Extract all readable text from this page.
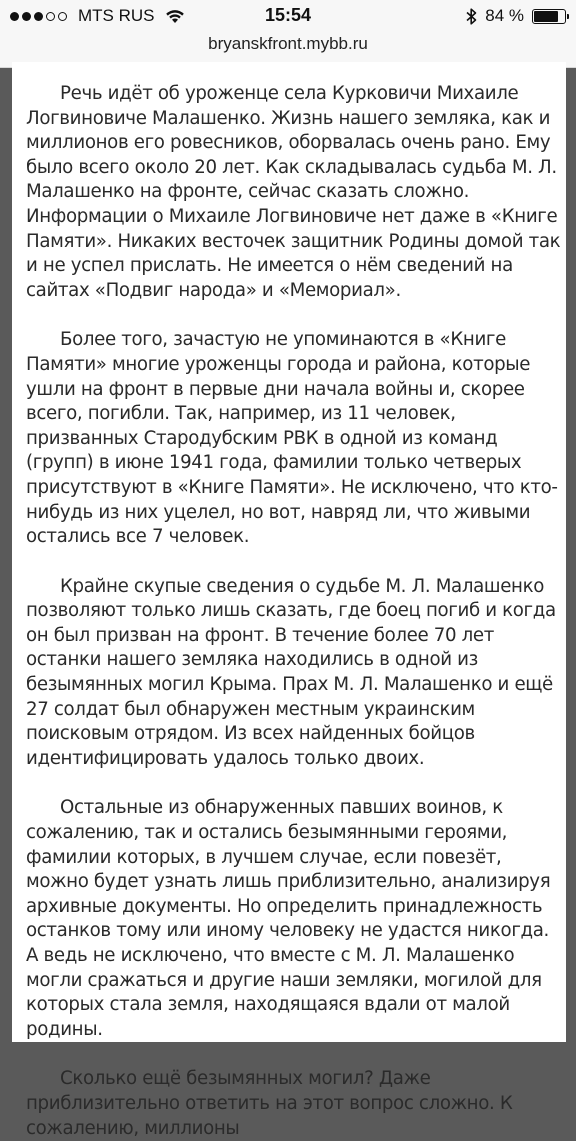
MTS RUS	15:54	84 %
bryanskfront.mybb.ru

Речь идёт об уроженце села Курковичи Михаиле Логвиновиче Малашенко. Жизнь нашего земляка, как и миллионов его ровесников, оборвалась очень рано. Ему было всего около 20 лет. Как складывалась судьба М. Л. Малашенко на фронте, сейчас сказать сложно. Информации о Михаиле Логвиновиче нет даже в «Книге Памяти». Никаких весточек защитник Родины домой так и не успел прислать. Не имеется о нём сведений на сайтах «Подвиг народа» и «Мемориал».

Более того, зачастую не упоминаются в «Книге Памяти» многие уроженцы города и района, которые ушли на фронт в первые дни начала войны и, скорее всего, погибли. Так, например, из 11 человек, призванных Стародубским РВК в одной из команд (групп) в июне 1941 года, фамилии только четверых присутствуют в «Книге Памяти». Не исключено, что кто-нибудь из них уцелел, но вот, навряд ли, что живыми остались все 7 человек.

Крайне скупые сведения о судьбе М. Л. Малашенко позволяют только лишь сказать, где боец погиб и когда он был призван на фронт. В течение более 70 лет останки нашего земляка находились в одной из безымянных могил Крыма. Прах М. Л. Малашенко и ещё 27 солдат был обнаружен местным украинским поисковым отрядом. Из всех найденных бойцов идентифицировать удалось только двоих.

Остальные из обнаруженных павших воинов, к сожалению, так и остались безымянными героями, фамилии которых, в лучшем случае, если повезёт, можно будет узнать лишь приблизительно, анализируя архивные документы. Но определить принадлежность останков тому или иному человеку не удастся никогда. А ведь не исключено, что вместе с М. Л. Малашенко могли сражаться и другие наши земляки, могилой для которых стала земля, находящаяся вдали от малой родины.

Сколько ещё безымянных могил? Даже приблизительно ответить на этот вопрос сложно. К сожалению, миллионы
